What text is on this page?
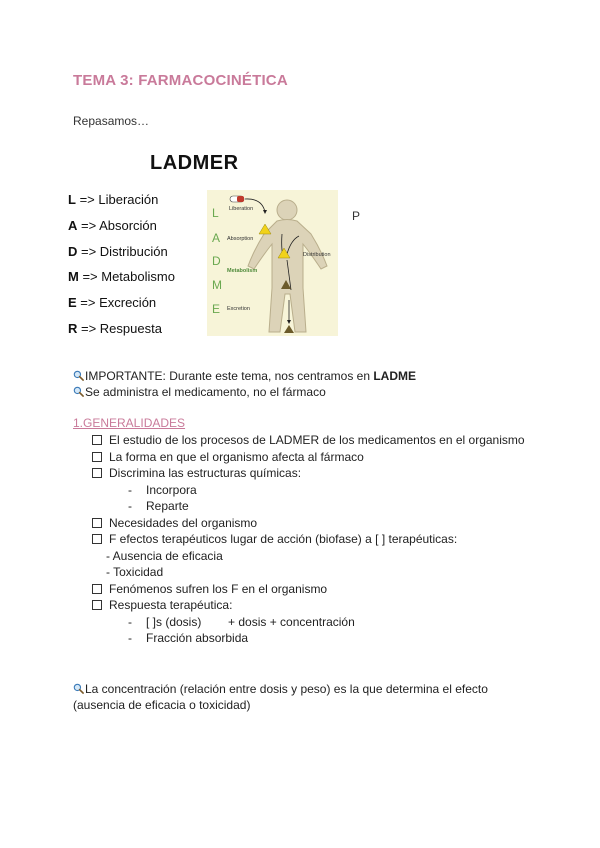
TEMA 3: FARMACOCINÉTICA
Repasamos…
LADMER
L => Liberación
A => Absorción
D => Distribución
M => Metabolismo
E => Excreción
R => Respuesta
L
A
D
M
E
Liberation
Absorption
Distribution
Metabolism
Excretion
P
IMPORTANTE: Durante este tema, nos centramos en LADME
Se administra el medicamento, no el fármaco
1.GENERALIDADES
El estudio de los procesos de LADMER de los medicamentos en el organismo
La forma en que el organismo afecta al fármaco
Discrimina las estructuras químicas:
- Incorpora
- Reparte
Necesidades del organismo
F efectos terapéuticos lugar de acción (biofase) a [ ] terapéuticas:
- Ausencia de eficacia
- Toxicidad
Fenómenos sufren los F en el organismo
Respuesta terapéutica:
- [ ]s (dosis)        + dosis + concentración
- Fracción absorbida
La concentración (relación entre dosis y peso) es la que determina el efecto (ausencia de eficacia o toxicidad)
